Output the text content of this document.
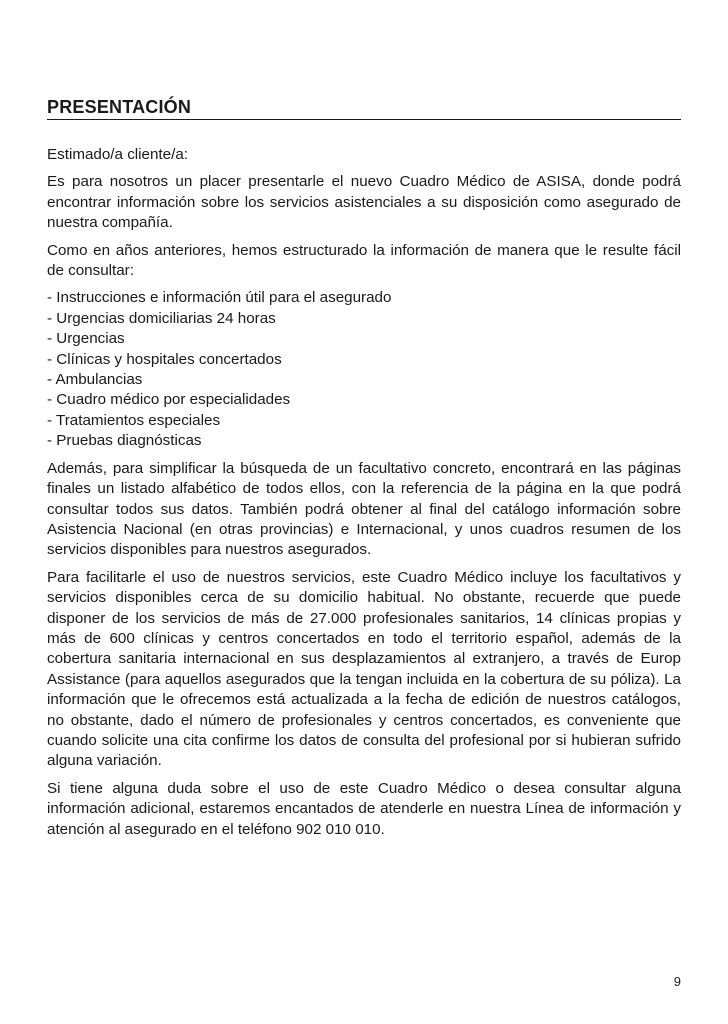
PRESENTACIÓN

Estimado/a cliente/a:

Es para nosotros un placer presentarle el nuevo Cuadro Médico de ASISA, donde podrá encontrar información sobre los servicios asistenciales a su disposición como asegurado de nuestra compañía.

Como en años anteriores, hemos estructurado la información de manera que le resulte fácil de consultar:

- Instrucciones e información útil para el asegurado
- Urgencias domiciliarias 24 horas
- Urgencias
- Clínicas y hospitales concertados
- Ambulancias
- Cuadro médico por especialidades
- Tratamientos especiales
- Pruebas diagnósticas

Además, para simplificar la búsqueda de un facultativo concreto, encontrará en las páginas finales un listado alfabético de todos ellos, con la referencia de la página en la que podrá consultar todos sus datos. También podrá obtener al final del catálogo información sobre Asistencia Nacional (en otras provincias) e Internacional, y unos cuadros resumen de los servicios disponibles para nuestros asegurados.

Para facilitarle el uso de nuestros servicios, este Cuadro Médico incluye los facultativos y servicios disponibles cerca de su domicilio habitual. No obstante, recuerde que puede disponer de los servicios de más de 27.000 profesionales sanitarios, 14 clínicas propias y más de 600 clínicas y centros concertados en todo el territorio español, además de la cobertura sanitaria internacional en sus desplazamientos al extranjero, a través de Europ Assistance (para aquellos asegurados que la tengan incluida en la cobertura de su póliza). La información que le ofrecemos está actualizada a la fecha de edición de nuestros catálogos, no obstante, dado el número de profesionales y centros concertados, es conveniente que cuando solicite una cita confirme los datos de consulta del profesional por si hubieran sufrido alguna variación.

Si tiene alguna duda sobre el uso de este Cuadro Médico o desea consultar alguna información adicional, estaremos encantados de atenderle en nuestra Línea de información y atención al asegurado en el teléfono 902 010 010.

9
